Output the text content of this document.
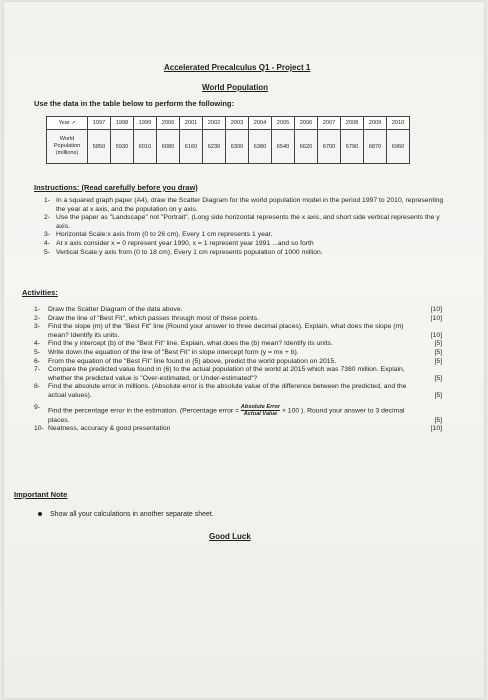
Accelerated Precalculus Q1 - Project 1
World Population
Use the data in the table below to perform the following:
Year ↗	1997	1998	1999	2000	2001	2002	2003	2004	2005	2006	2007	2008	2009	2010
World
Population
(millions)	5850	5930	6010	6080	6160	6230	6300	6380	6540	6620	6700	6790	6870	6960
Instructions: (Read carefully before you draw)
1- In a squared graph paper (A4), draw the Scatter Diagram for the world population model in the period 1997 to 2010, representing the year at x axis, and the population on y axis.
2- Use the paper as "Landscape" not "Portrait". (Long side horizontal represents the x axis, and short side vertical represents the y axis.
3- Horizontal Scale:x axis from (0 to 26 cm), Every 1 cm represents 1 year.
4- At x axis consider x = 0 represent year 1990, x = 1 represent year 1991 ...and so forth
5- Vertical Scale:y axis from (0 to 18 cm), Every 1 cm represents population of 1000 million.
Activities:
1- Draw the Scatter Diagram of the data above.	[10]
2- Draw the line of "Best Fit", which passes through most of these points.	[10]
3- Find the slope (m) of the "Best Fit" line (Round your answer to three decimal places). Explain, what does the slope (m) mean? Identify its units.	[10]
4- Find the y intercept (b) of the "Best Fit" line. Explain, what does the (b) mean? Identify its units.	[5]
5- Write down the equation of the line of "Best Fit" in slope intercept form (y = mx + b).	[5]
6- From the equation of the "Best Fit" line found in (5) above, predict the world population on 2015.	[5]
7- Compare the predicted value found in (6) to the actual population of the world at 2015 which was 7380 million. Explain, whether the predicted value is "Over-estimated, or Under-estimated"?	[5]
8- Find the absolute error in millions. (Absolute error is the absolute value of the difference between the predicted, and the actual values).	[5]
9- Find the percentage error in the estimation. (Percentage error = $\frac{\text{Absolute Error}}{\text{Actual Value}} \times 100$ ). Round your answer to 3 decimal places.	[5]
10- Neatness, accuracy & good presentation	[10]
Important Note
Show all your calculations in another separate sheet.
Good Luck
